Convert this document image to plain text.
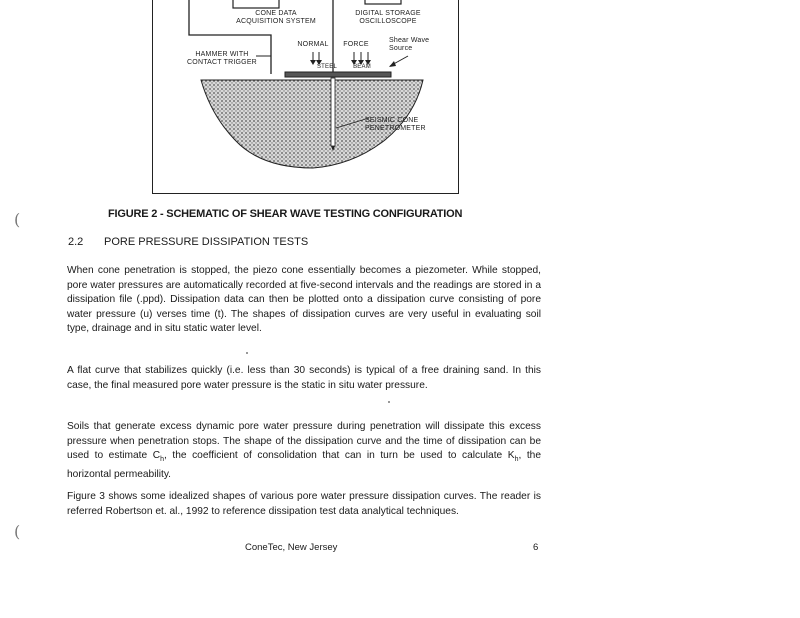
CONE DATA
ACQUISITION SYSTEM
DIGITAL STORAGE
OSCILLOSCOPE
HAMMER WITH
CONTACT TRIGGER
NORMAL	FORCE
Shear Wave
Source
STEEL	BEAM
SEISMIC CONE
PENETROMETER
FIGURE 2 - SCHEMATIC OF SHEAR WAVE TESTING CONFIGURATION
2.2 PORE PRESSURE DISSIPATION TESTS
When cone penetration is stopped, the piezo cone essentially becomes a piezometer. While stopped, pore water pressures are automatically recorded at five-second intervals and the readings are stored in a dissipation file (.ppd). Dissipation data can then be plotted onto a dissipation curve consisting of pore water pressure (u) verses time (t). The shapes of dissipation curves are very useful in evaluating soil type, drainage and in situ static water level.
A flat curve that stabilizes quickly (i.e. less than 30 seconds) is typical of a free draining sand. In this case, the final measured pore water pressure is the static in situ water pressure.
Soils that generate excess dynamic pore water pressure during penetration will dissipate this excess pressure when penetration stops. The shape of the dissipation curve and the time of dissipation can be used to estimate $C_h$, the coefficient of consolidation that can in turn be used to calculate $K_h$, the horizontal permeability.
Figure 3 shows some idealized shapes of various pore water pressure dissipation curves. The reader is referred Robertson et. al., 1992 to reference dissipation test data analytical techniques.
ConeTec, New Jersey	6
(
(
